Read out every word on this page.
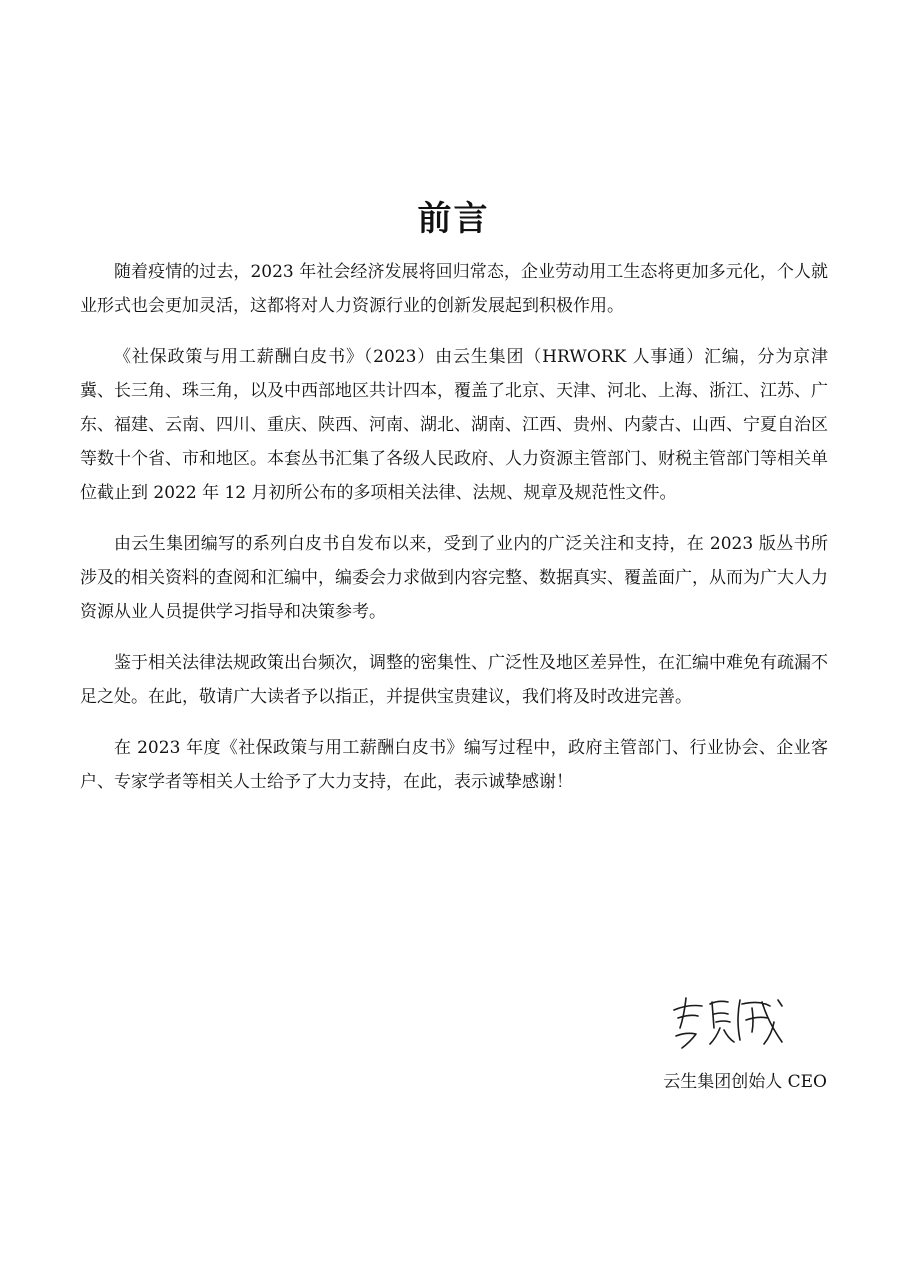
前言

随着疫情的过去，2023 年社会经济发展将回归常态，企业劳动用工生态将更加多元化，个人就业形式也会更加灵活，这都将对人力资源行业的创新发展起到积极作用。

《社保政策与用工薪酬白皮书》（2023）由云生集团（HRWORK 人事通）汇编，分为京津冀、长三角、珠三角，以及中西部地区共计四本，覆盖了北京、天津、河北、上海、浙江、江苏、广东、福建、云南、四川、重庆、陕西、河南、湖北、湖南、江西、贵州、内蒙古、山西、宁夏自治区等数十个省、市和地区。本套丛书汇集了各级人民政府、人力资源主管部门、财税主管部门等相关单位截止到 2022 年 12 月初所公布的多项相关法律、法规、规章及规范性文件。

由云生集团编写的系列白皮书自发布以来，受到了业内的广泛关注和支持，在 2023 版丛书所涉及的相关资料的查阅和汇编中，编委会力求做到内容完整、数据真实、覆盖面广，从而为广大人力资源从业人员提供学习指导和决策参考。

鉴于相关法律法规政策出台频次，调整的密集性、广泛性及地区差异性，在汇编中难免有疏漏不足之处。在此，敬请广大读者予以指正，并提供宝贵建议，我们将及时改进完善。

在 2023 年度《社保政策与用工薪酬白皮书》编写过程中，政府主管部门、行业协会、企业客户、专家学者等相关人士给予了大力支持，在此，表示诚挚感谢！

云生集团创始人 CEO
